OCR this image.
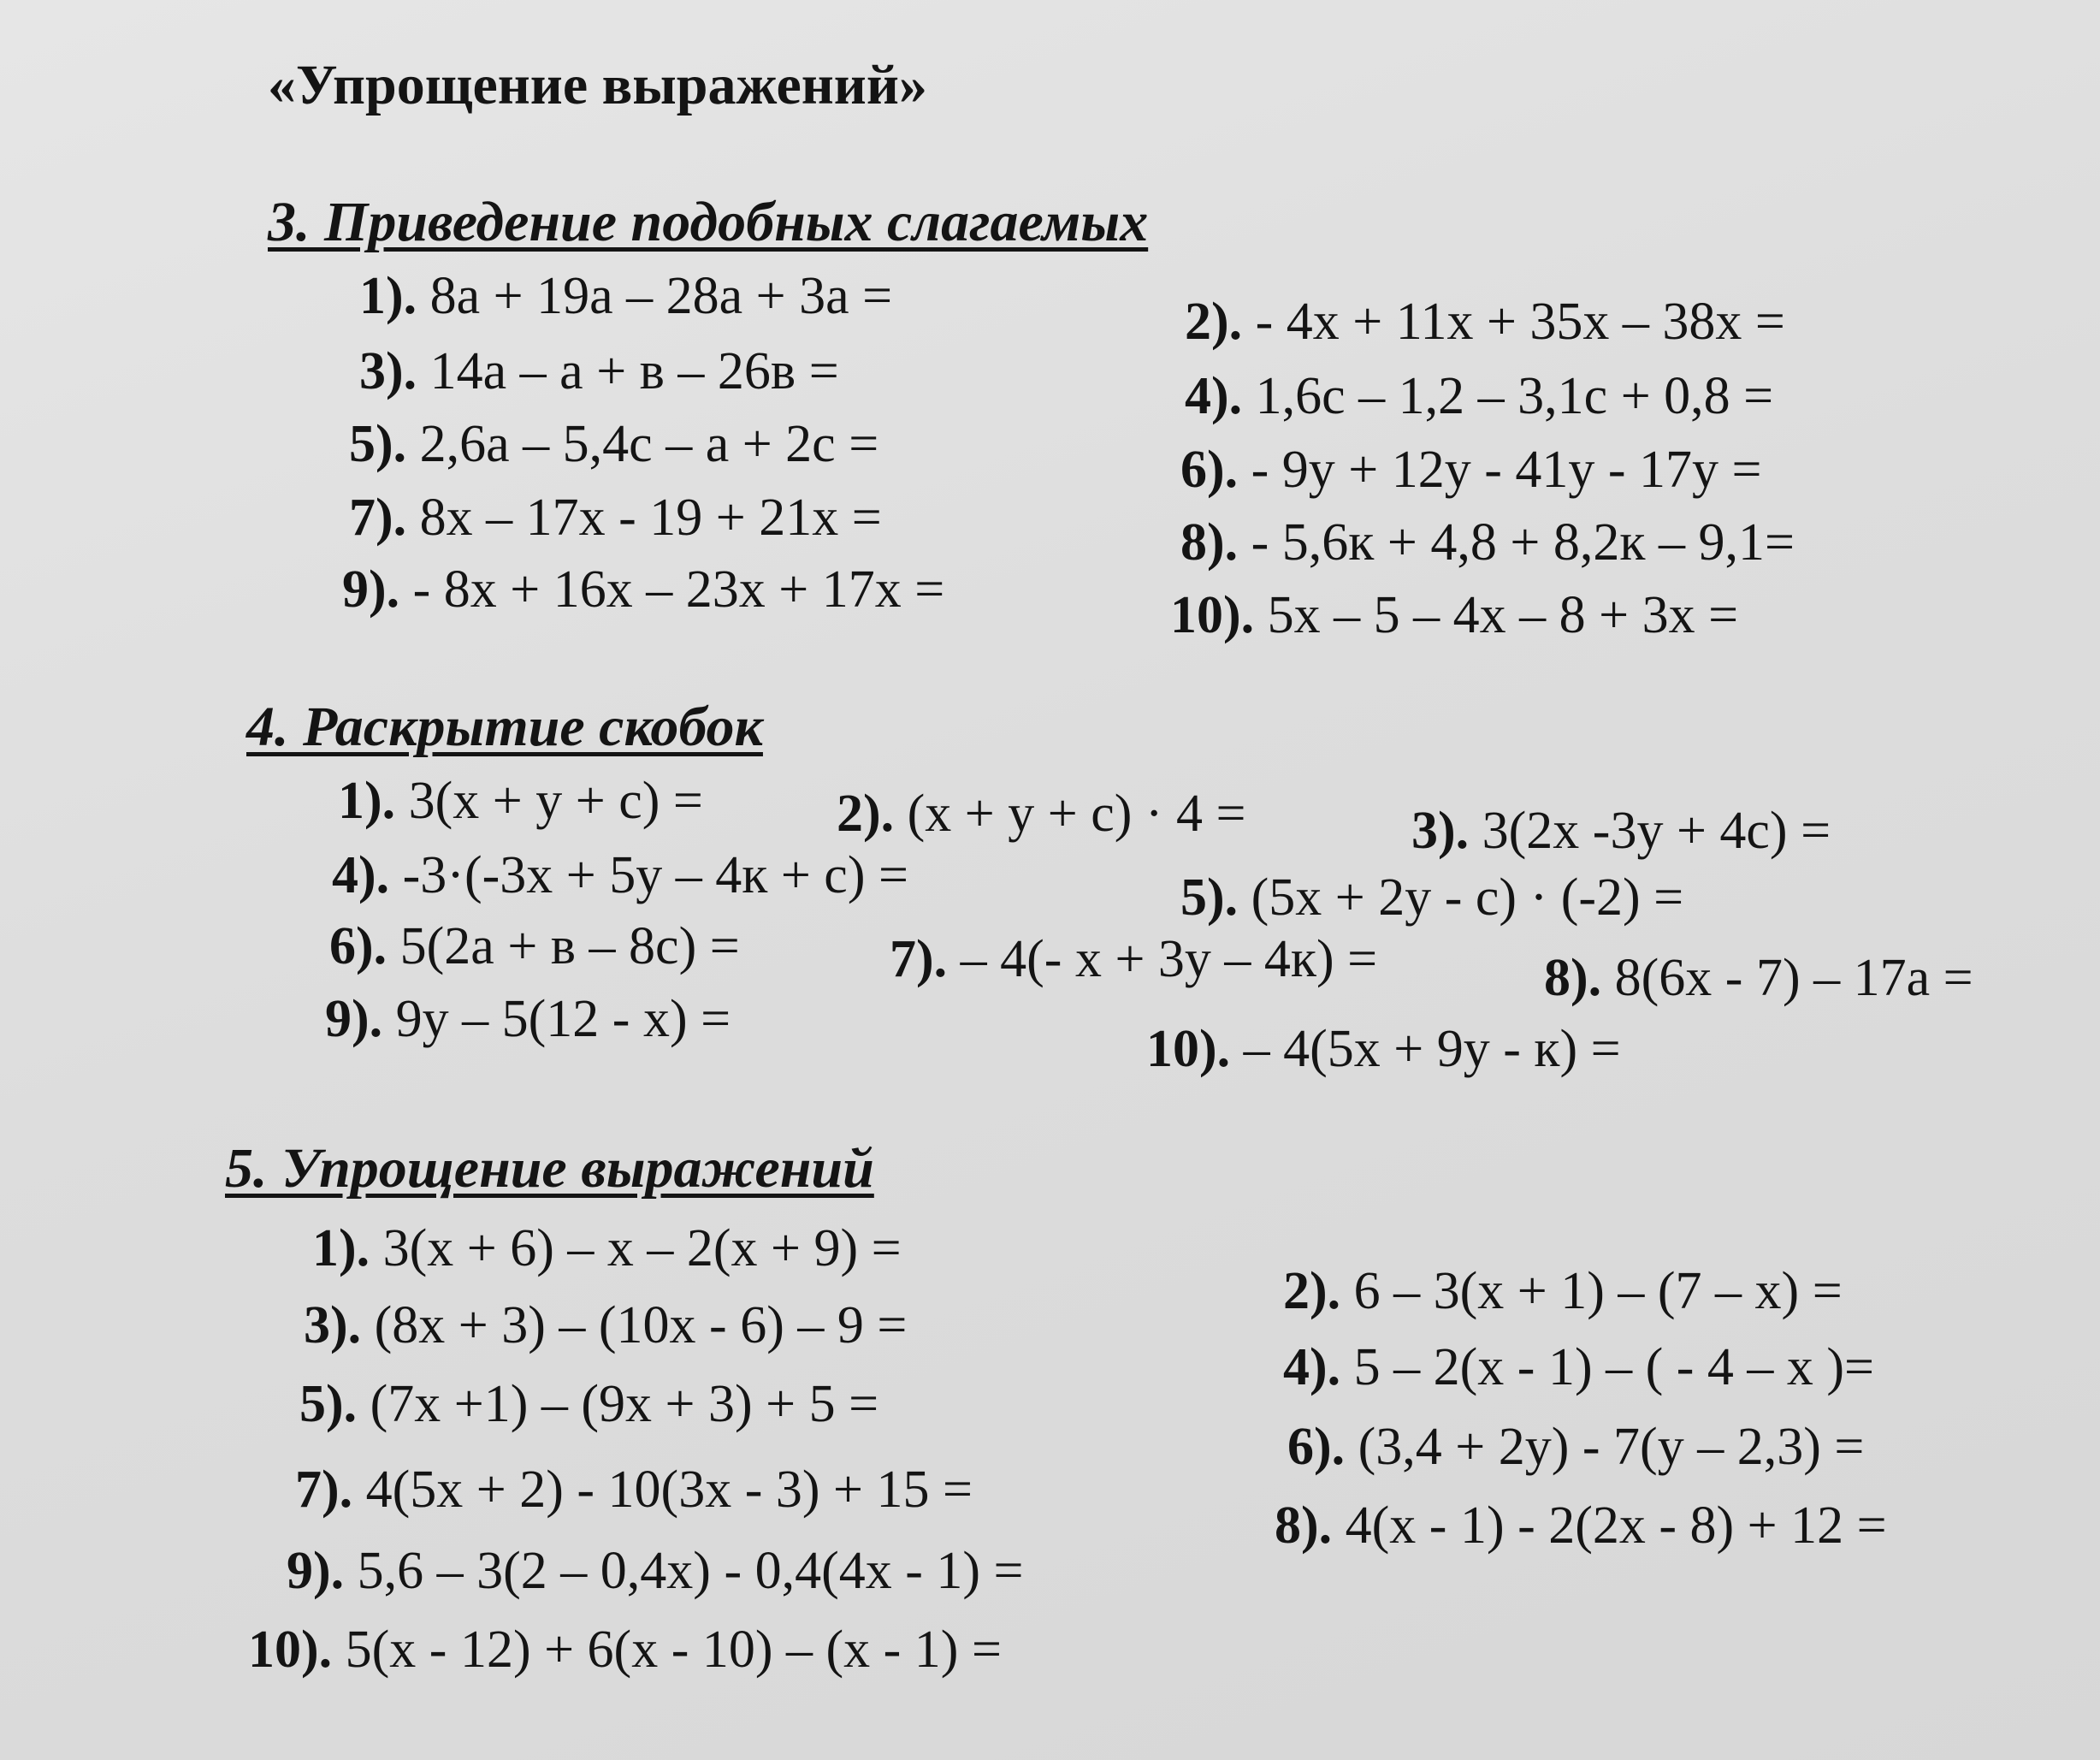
«Упрощение выражений»
3. Приведение подобных слагаемых
1). 8a + 19a – 28a + 3a =	2). - 4x + 11x + 35x – 38x =
3). 14a – a + в – 26в =	4). 1,6c – 1,2 – 3,1c + 0,8 =
5). 2,6a – 5,4c – a + 2c =	6). - 9y + 12y - 41y - 17y =
7). 8x – 17x - 19 + 21x =	8). - 5,6к + 4,8 + 8,2к – 9,1=
9). - 8x + 16x – 23x + 17x =	10). 5x – 5 – 4x – 8 + 3x =
4. Раскрытие скобок
1). 3(x + y + c) =	2). (x + y + c) · 4 =	3). 3(2x -3y + 4c) =
4). -3·(-3x + 5y – 4к + c) =	5). (5x + 2y - c) · (-2) =
6). 5(2a + в – 8c) =	7). – 4(- x + 3y – 4к) =	8). 8(6x - 7) – 17a =
9). 9y – 5(12 - x) =
10). – 4(5x + 9y - к) =
5. Упрощение выражений
1). 3(x + 6) – x – 2(x + 9) =
2). 6 – 3(x + 1) – (7 – x) =
3). (8x + 3) – (10x - 6) – 9 =
4). 5 – 2(x - 1) – ( - 4 – x )=
5). (7x +1) – (9x + 3) + 5 =
6). (3,4 + 2y) - 7(y – 2,3) =
7). 4(5x + 2) - 10(3x - 3) + 15 =
8). 4(x - 1) - 2(2x - 8) + 12 =
9). 5,6 – 3(2 – 0,4x) - 0,4(4x - 1) =
10). 5(x - 12) + 6(x - 10) – (x - 1) =
